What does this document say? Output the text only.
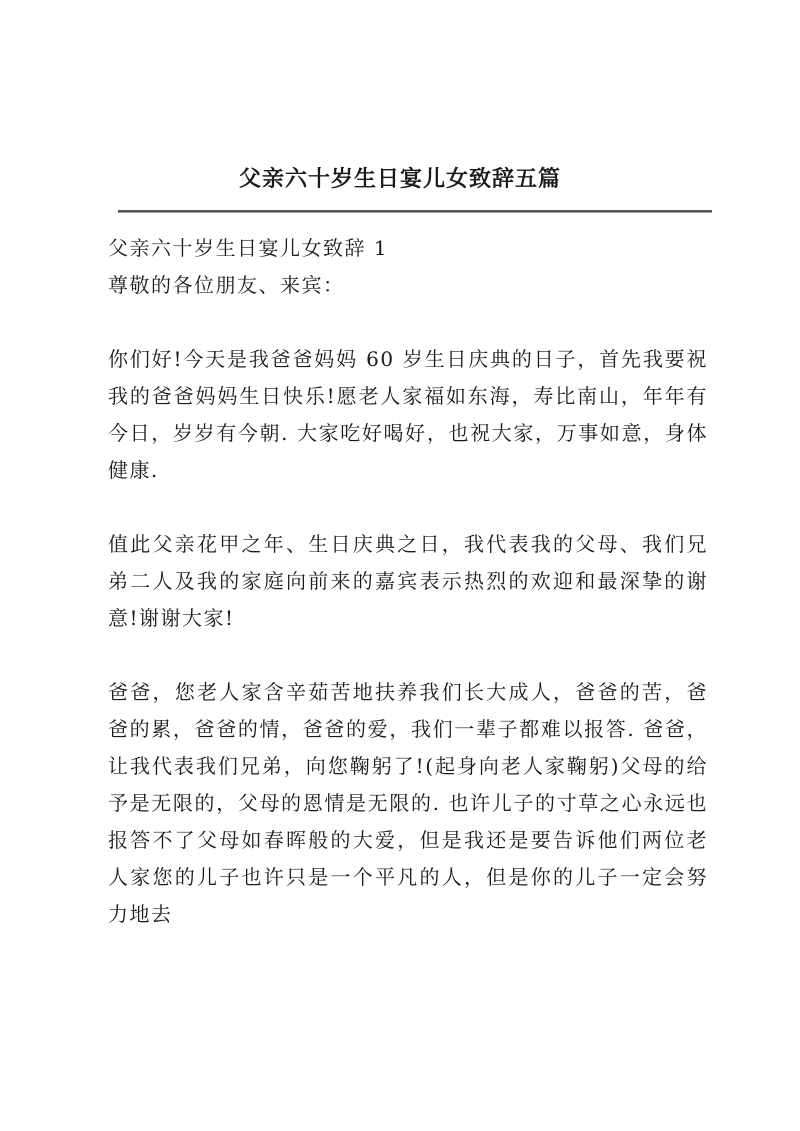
父亲六十岁生日宴儿女致辞五篇

父亲六十岁生日宴儿女致辞 1

尊敬的各位朋友、来宾：

你们好!今天是我爸爸妈妈 60 岁生日庆典的日子，首先我要祝我的爸爸妈妈生日快乐!愿老人家福如东海，寿比南山，年年有今日，岁岁有今朝. 大家吃好喝好，也祝大家，万事如意，身体健康.

值此父亲花甲之年、生日庆典之日，我代表我的父母、我们兄弟二人及我的家庭向前来的嘉宾表示热烈的欢迎和最深挚的谢意!谢谢大家!

爸爸，您老人家含辛茹苦地扶养我们长大成人，爸爸的苦，爸爸的累，爸爸的情，爸爸的爱，我们一辈子都难以报答. 爸爸，让我代表我们兄弟，向您鞠躬了!(起身向老人家鞠躬)父母的给予是无限的，父母的恩情是无限的. 也许儿子的寸草之心永远也报答不了父母如春晖般的大爱，但是我还是要告诉他们两位老人家您的儿子也许只是一个平凡的人，但是你的儿子一定会努力地去
